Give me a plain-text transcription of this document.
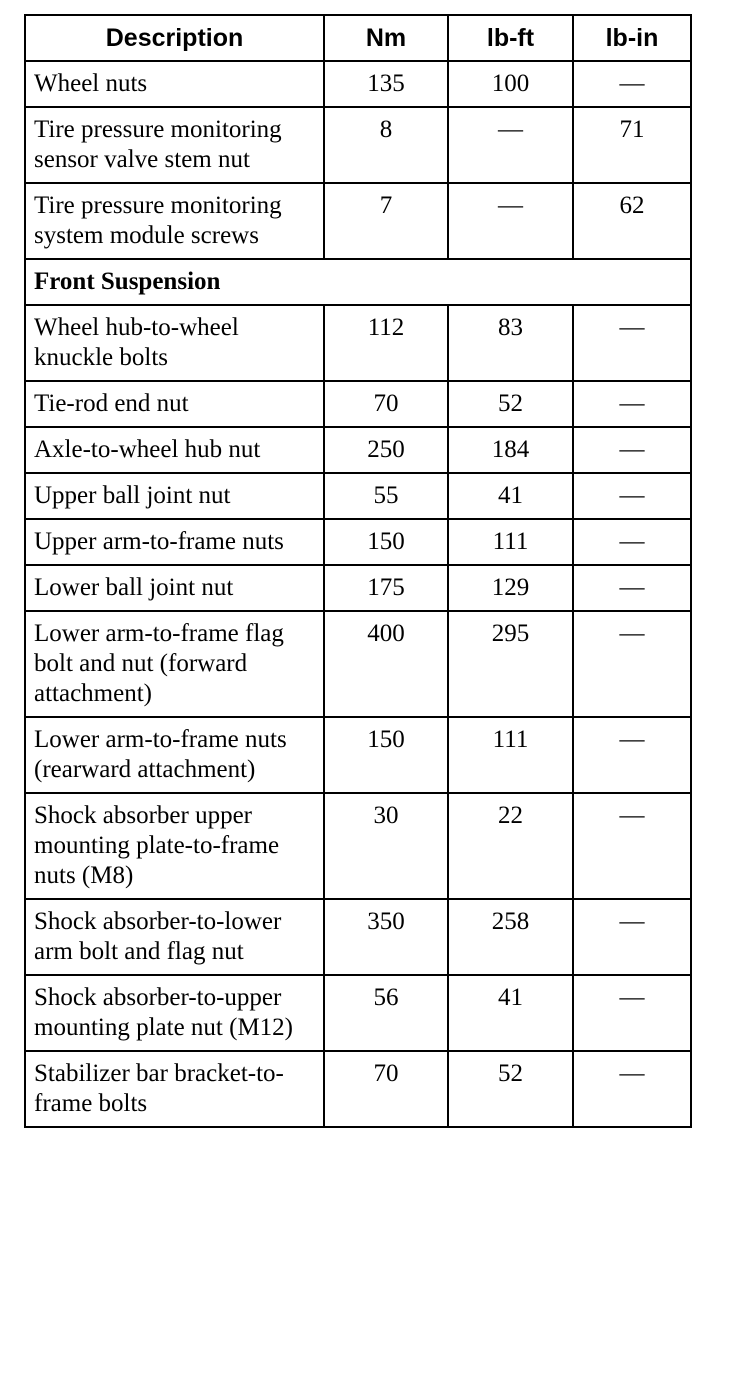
Description	Nm	lb-ft	lb-in
Wheel nuts	135	100	—
Tire pressure monitoring sensor valve stem nut	8	—	71
Tire pressure monitoring system module screws	7	—	62
Front Suspension			
Wheel hub-to-wheel knuckle bolts	112	83	—
Tie-rod end nut	70	52	—
Axle-to-wheel hub nut	250	184	—
Upper ball joint nut	55	41	—
Upper arm-to-frame nuts	150	111	—
Lower ball joint nut	175	129	—
Lower arm-to-frame flag bolt and nut (forward attachment)	400	295	—
Lower arm-to-frame nuts (rearward attachment)	150	111	—
Shock absorber upper mounting plate-to-frame nuts (M8)	30	22	—
Shock absorber-to-lower arm bolt and flag nut	350	258	—
Shock absorber-to-upper mounting plate nut (M12)	56	41	—
Stabilizer bar bracket-to-frame bolts	70	52	—
